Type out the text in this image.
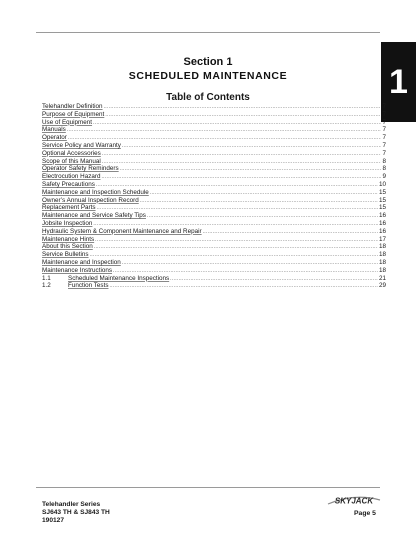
1
Section 1
SCHEDULED MAINTENANCE
Table of Contents
Telehandler Definition .....	7
Purpose of Equipment .....	7
Use of Equipment .....	7
Manuals .....	7
Operator .....	7
Service Policy and Warranty .....	7
Optional Accessories .....	7
Scope of this Manual .....	8
Operator Safety Reminders .....	8
Electrocution Hazard .....	9
Safety Precautions .....	10
Maintenance and Inspection Schedule .....	15
Owner’s Annual Inspection Record .....	15
Replacement Parts .....	15
Maintenance and Service Safety Tips .....	16
Jobsite Inspection .....	16
Hydraulic System & Component Maintenance and Repair .....	16
Maintenance Hints .....	17
About this Section .....	18
Service Bulletins .....	18
Maintenance and Inspection .....	18
Maintenance Instructions .....	18
1.1	Scheduled Maintenance Inspections .....	21
1.2	Function Tests .....	29
Telehandler Series
SJ643 TH & SJ843 TH
190127
SKYJACK
Page 5
